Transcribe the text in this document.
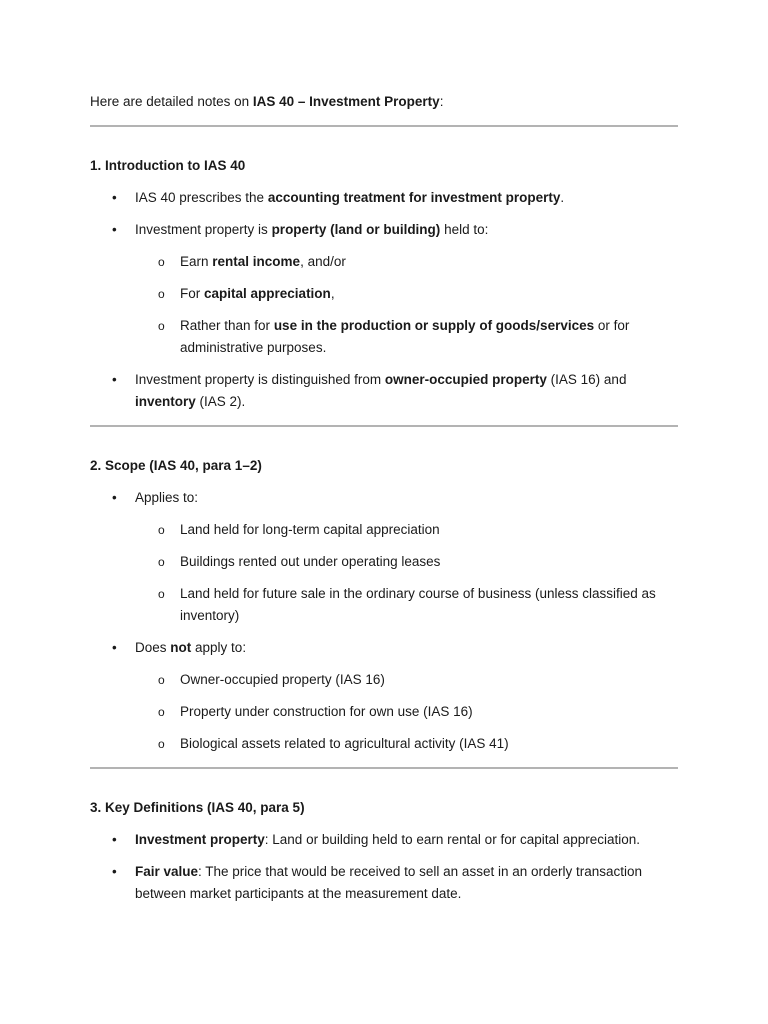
Here are detailed notes on IAS 40 – Investment Property:
1. Introduction to IAS 40
• IAS 40 prescribes the accounting treatment for investment property.
• Investment property is property (land or building) held to:
o Earn rental income, and/or
o For capital appreciation,
o Rather than for use in the production or supply of goods/services or for
administrative purposes.
• Investment property is distinguished from owner-occupied property (IAS 16) and
inventory (IAS 2).
2. Scope (IAS 40, para 1–2)
• Applies to:
o Land held for long-term capital appreciation
o Buildings rented out under operating leases
o Land held for future sale in the ordinary course of business (unless classified as
inventory)
• Does not apply to:
o Owner-occupied property (IAS 16)
o Property under construction for own use (IAS 16)
o Biological assets related to agricultural activity (IAS 41)
3. Key Definitions (IAS 40, para 5)
• Investment property: Land or building held to earn rental or for capital appreciation.
• Fair value: The price that would be received to sell an asset in an orderly transaction
between market participants at the measurement date.
